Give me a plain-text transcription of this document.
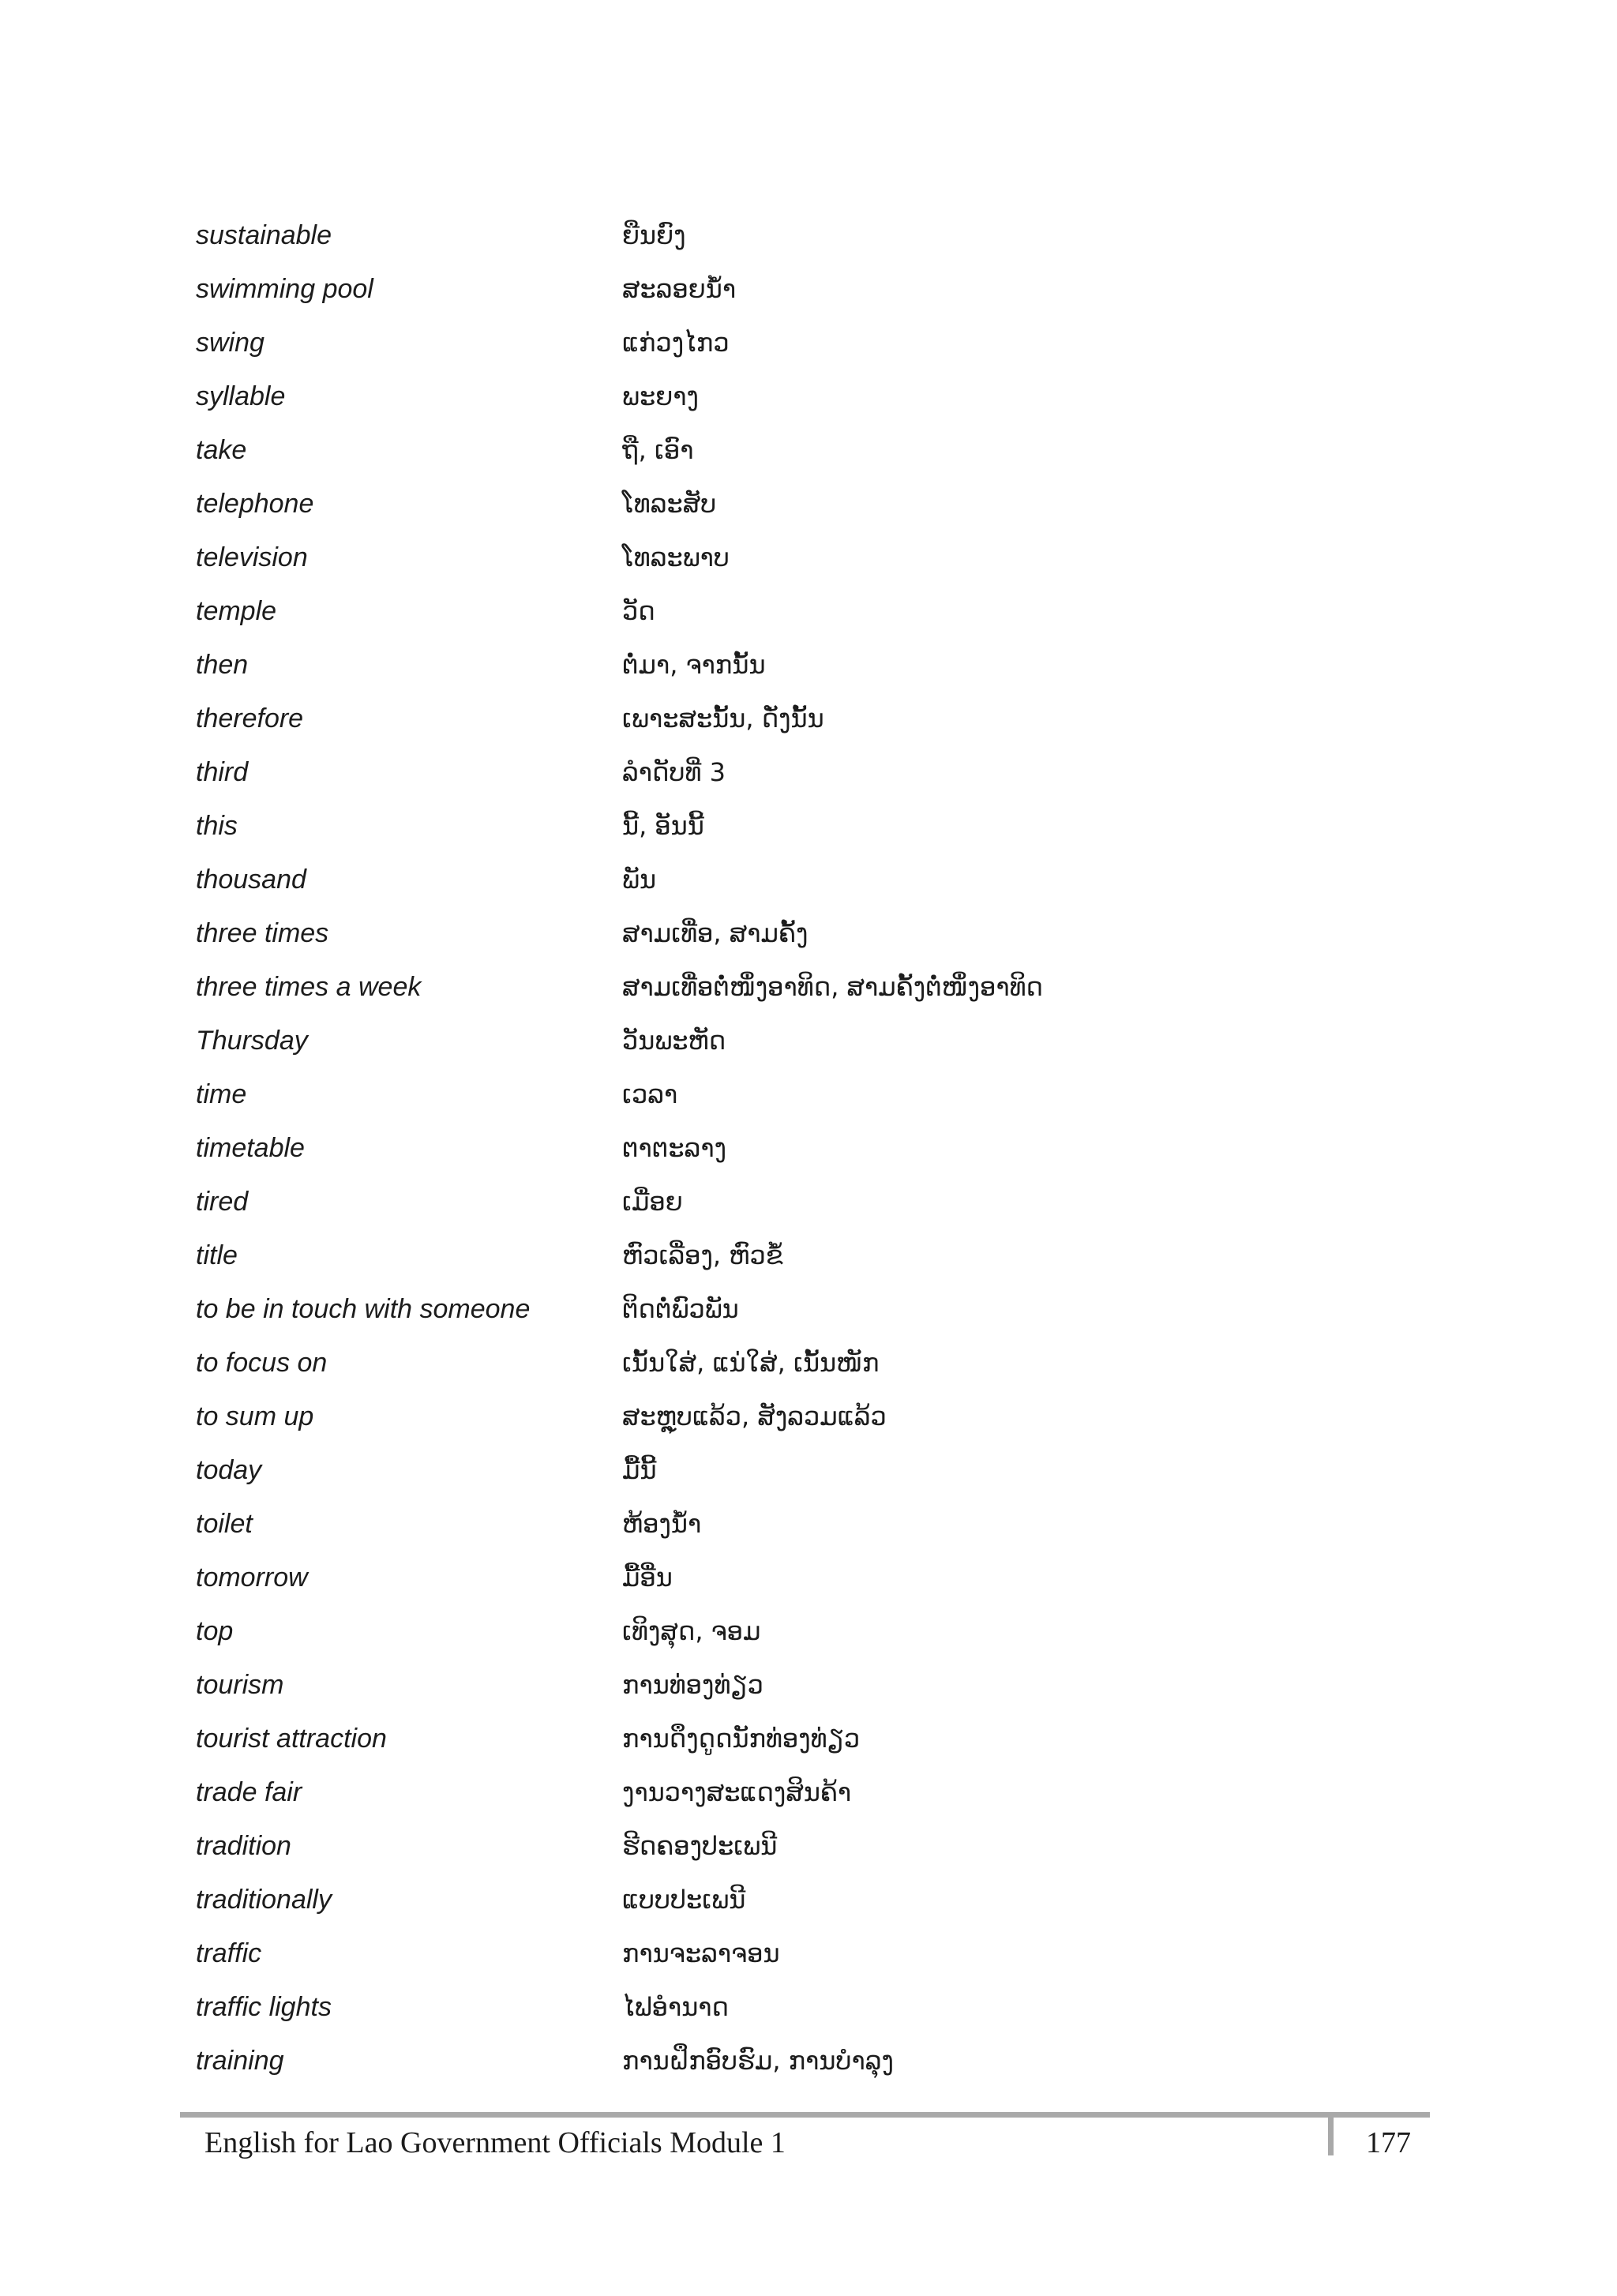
sustainable	ຍືນຍົງ
swimming pool	ສະລອຍນໍ້າ
swing	ແກ່ວງໄກວ
syllable	ພະຍາງ
take	ຖື, ເອົາ
telephone	ໂທລະສັບ
television	ໂທລະພາບ
temple	ວັດ
then	ຕໍ່ມາ, ຈາກນັ້ນ
therefore	ເພາະສະນັ້ນ, ດັ່ງນັ້ນ
third	ລໍາດັບທີ່ 3
this	ນີ້, ອັນນີ້
thousand	ພັນ
three times	ສາມເທື່ອ, ສາມຄັ້ງ
three times a week	ສາມເທື່ອຕໍ່ໜຶ່ງອາທິດ, ສາມຄັ້ງຕໍ່ໜຶ່ງອາທິດ
Thursday	ວັນພະຫັດ
time	ເວລາ
timetable	ຕາຕະລາງ
tired	ເມື່ອຍ
title	ຫົວເລື່ອງ, ຫົວຂໍ້
to be in touch with someone	ຕິດຕໍ່ພົວພັນ
to focus on	ເນັ້ນໃສ່, ແນ່ໃສ່, ເນັ້ນໜັກ
to sum up	ສະຫຼຸບແລ້ວ, ສັງລວມແລ້ວ
today	ມື້ນີ້
toilet	ຫ້ອງນໍ້າ
tomorrow	ມື້ອື່ນ
top	ເທິງສຸດ, ຈອມ
tourism	ການທ່ອງທ່ຽວ
tourist attraction	ການດຶງດູດນັກທ່ອງທ່ຽວ
trade fair	ງານວາງສະແດງສິນຄ້າ
tradition	ຮີດຄອງປະເພນີ
traditionally	ແບບປະເພນີ
traffic	ການຈະລາຈອນ
traffic lights	ໄຟອໍານາດ
training	ການຝຶກອົບຮົມ, ການບໍາລຸງ
English for Lao Government Officials Module 1	177
